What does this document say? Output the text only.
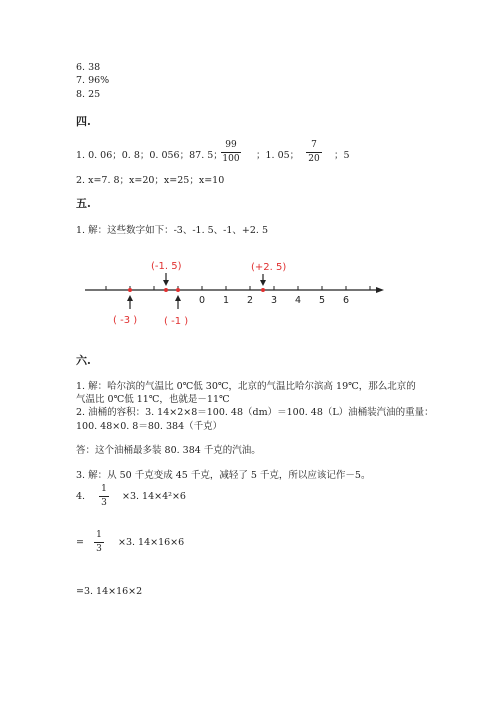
6. 38
7. 96%
8. 25
四.
1. 0. 06；0. 8；0. 056；87. 5；
99
100 ；1. 05；
7
20 ；5
2. x=7. 8；x=20；x=25；x=10
五.
1. 解：这些数字如下：-3、-1. 5、-1、+2. 5
0 1 2 3 4 5 6
(-1. 5)	(+2. 5)
( -3 )	( -1 )
六.
1. 解：哈尔滨的气温比 0℃低 30℃，北京的气温比哈尔滨高 19℃，那么北京的
气温比 0℃低 11℃，也就是－11℃
2. 油桶的容积：3. 14×2×8＝100. 48（dm）＝100. 48（L）油桶装汽油的重量：
100. 48×0. 8＝80. 384（千克）
答：这个油桶最多装 80. 384 千克的汽油。
3. 解：从 50 千克变成 45 千克，减轻了 5 千克，所以应该记作－5。
4.
1
3
×3. 14×4²×6
=
1
3
×3. 14×16×6
=3. 14×16×2
